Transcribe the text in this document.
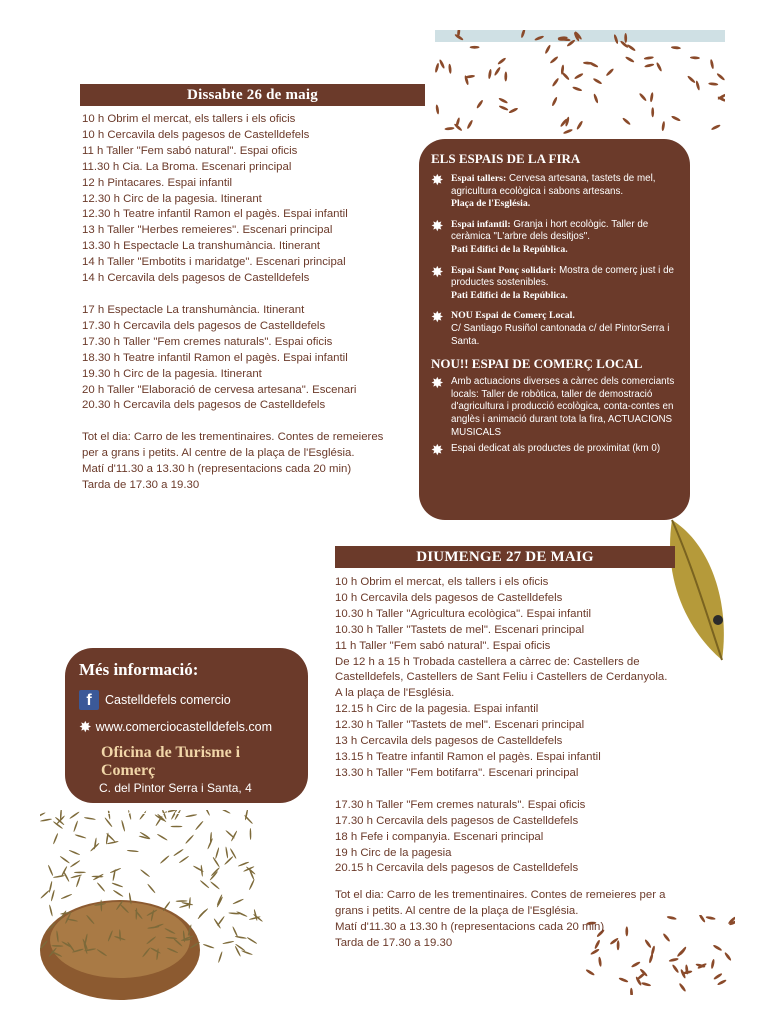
Dissabte 26 de maig
10 h Obrim el mercat, els tallers i els oficis
10 h Cercavila dels pagesos de Castelldefels
11 h Taller "Fem sabó natural". Espai oficis
11.30 h Cia. La Broma. Escenari principal
12 h Pintacares. Espai infantil
12.30 h Circ de la pagesia. Itinerant
12.30 h Teatre infantil Ramon el pagès. Espai infantil
13 h Taller "Herbes remeieres". Escenari principal
13.30 h Espectacle La transhumància. Itinerant
14 h Taller "Embotits i maridatge". Escenari principal
14 h Cercavila dels pagesos de Castelldefels
17 h Espectacle La transhumància. Itinerant
17.30 h Cercavila dels pagesos de Castelldefels
17.30 h Taller "Fem cremes naturals". Espai oficis
18.30 h Teatre infantil Ramon el pagès. Espai infantil
19.30 h Circ de la pagesia. Itinerant
20 h Taller "Elaboració de cervesa artesana". Escenari
20.30 h Cercavila dels pagesos de Castelldefels
Tot el dia: Carro de les trementinaires. Contes de remeieres
per a grans i petits. Al centre de la plaça de l'Església.
Matí d'11.30 a 13.30 h (representacions cada 20 min)
Tarda de 17.30 a 19.30
ELS ESPAIS DE LA FIRA
✸ Espai tallers: Cervesa artesana, tastets de mel, agricultura ecològica i sabons artesans.
Plaça de l'Església.
✸ Espai infantil: Granja i hort ecològic. Taller de ceràmica "L'arbre dels desitjos".
Pati Edifici de la República.
✸ Espai Sant Ponç solidari: Mostra de comerç just i de productes sostenibles.
Pati Edifici de la República.
✸ NOU Espai de Comerç Local.
C/ Santiago Rusiñol cantonada c/ del PintorSerra i Santa.
NOU!! ESPAI DE COMERÇ LOCAL
✸ Amb actuacions diverses a càrrec dels comerciants locals: Taller de robòtica, taller de demostració d'agricultura i producció ecològica, conta-contes en anglès i animació durant tota la fira, ACTUACIONS MUSICALS
✸ Espai dedicat als productes de proximitat (km 0)
DIUMENGE 27 DE MAIG
10 h Obrim el mercat, els tallers i els oficis
10 h Cercavila dels pagesos de Castelldefels
10.30 h Taller "Agricultura ecològica". Espai infantil
10.30 h Taller "Tastets de mel". Escenari principal
11 h Taller "Fem sabó natural". Espai oficis
De 12 h a 15 h Trobada castellera a càrrec de: Castellers de
Castelldefels, Castellers de Sant Feliu i Castellers de Cerdanyola.
A la plaça de l'Església.
12.15 h Circ de la pagesia. Espai infantil
12.30 h Taller "Tastets de mel". Escenari principal
13 h Cercavila dels pagesos de Castelldefels
13.15 h Teatre infantil Ramon el pagès. Espai infantil
13.30 h Taller "Fem botifarra". Escenari principal
17.30 h Taller "Fem cremes naturals". Espai oficis
17.30 h Cercavila dels pagesos de Castelldefels
18 h Fefe i companyia. Escenari principal
19 h Circ de la pagesia
20.15 h Cercavila dels pagesos de Castelldefels
Tot el dia: Carro de les trementinaires. Contes de remeieres per a
grans i petits. Al centre de la plaça de l'Església.
Matí d'11.30 a 13.30 h (representacions cada 20 min)
Tarda de 17.30 a 19.30
Més informació:
f	Castelldefels comercio
✸ www.comerciocastelldefels.com
Oficina de Turisme i Comerç
C. del Pintor Serra i Santa, 4
Tel 93 635 27 27
